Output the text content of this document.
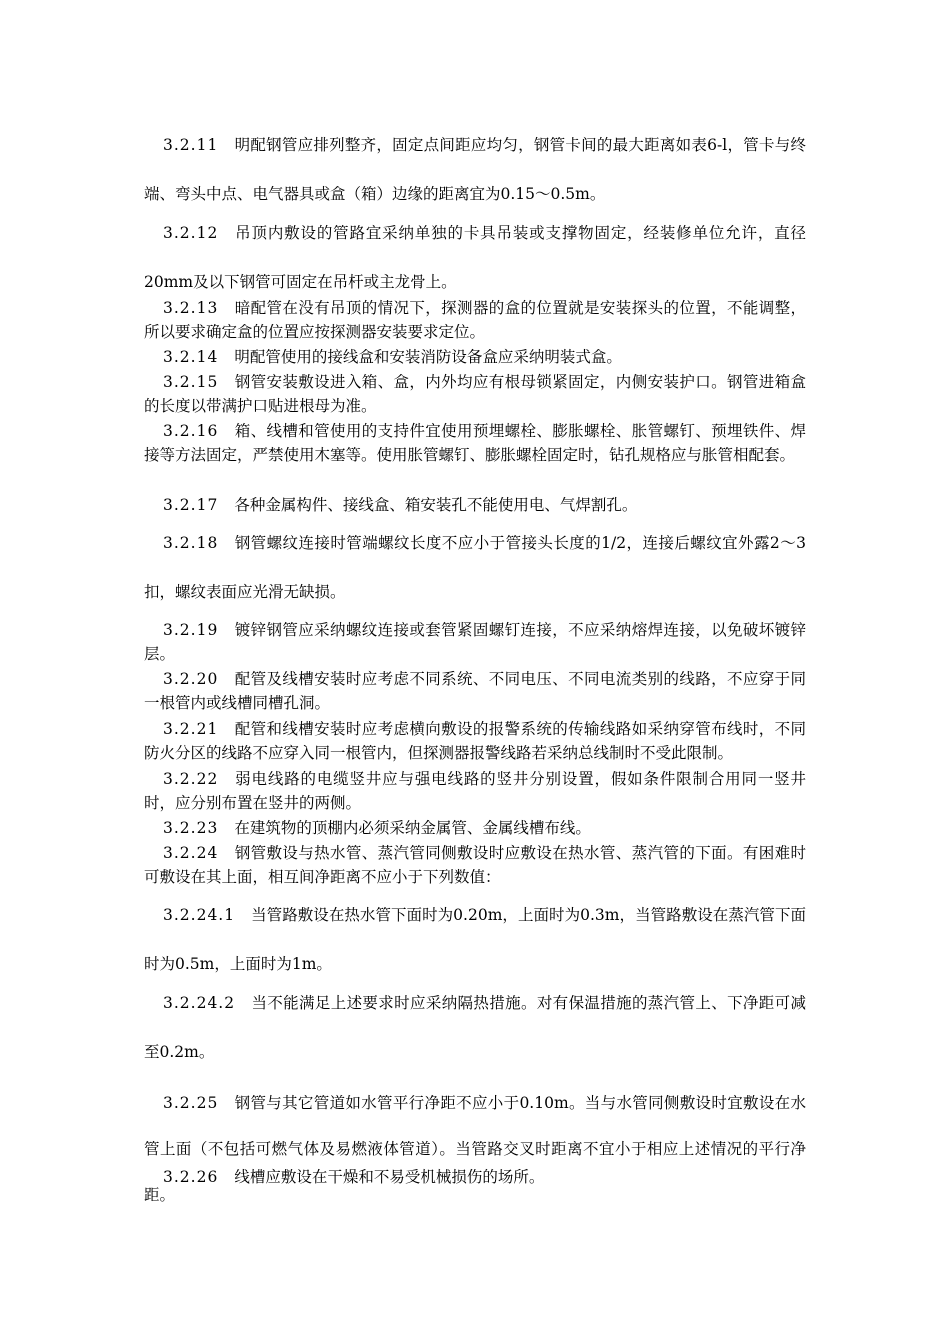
3.2.11 明配钢管应排列整齐，固定点间距应均匀，钢管卡间的最大距离如表6-l，管卡与终端、弯头中点、电气器具或盒（箱）边缘的距离宜为0.15～0.5m。

3.2.12 吊顶内敷设的管路宜采纳单独的卡具吊装或支撑物固定，经装修单位允许，直径20mm及以下钢管可固定在吊杆或主龙骨上。

3.2.13 暗配管在没有吊顶的情况下，探测器的盒的位置就是安装探头的位置，不能调整，所以要求确定盒的位置应按探测器安装要求定位。

3.2.14 明配管使用的接线盒和安装消防设备盒应采纳明装式盒。

3.2.15 钢管安装敷设进入箱、盒，内外均应有根母锁紧固定，内侧安装护口。钢管进箱盒的长度以带满护口贴进根母为准。

3.2.16 箱、线槽和管使用的支持件宜使用预埋螺栓、膨胀螺栓、胀管螺钉、预埋铁件、焊接等方法固定，严禁使用木塞等。使用胀管螺钉、膨胀螺栓固定时，钻孔规格应与胀管相配套。

3.2.17 各种金属构件、接线盒、箱安装孔不能使用电、气焊割孔。

3.2.18 钢管螺纹连接时管端螺纹长度不应小于管接头长度的1/2，连接后螺纹宜外露2～3扣，螺纹表面应光滑无缺损。

3.2.19 镀锌钢管应采纳螺纹连接或套管紧固螺钉连接，不应采纳熔焊连接，以免破坏镀锌层。

3.2.20 配管及线槽安装时应考虑不同系统、不同电压、不同电流类别的线路，不应穿于同一根管内或线槽同槽孔洞。

3.2.21 配管和线槽安装时应考虑横向敷设的报警系统的传输线路如采纳穿管布线时，不同防火分区的线路不应穿入同一根管内，但探测器报警线路若采纳总线制时不受此限制。

3.2.22 弱电线路的电缆竖井应与强电线路的竖井分别设置，假如条件限制合用同一竖井时，应分别布置在竖井的两侧。

3.2.23 在建筑物的顶棚内必须采纳金属管、金属线槽布线。

3.2.24 钢管敷设与热水管、蒸汽管同侧敷设时应敷设在热水管、蒸汽管的下面。有困难时可敷设在其上面，相互间净距离不应小于下列数值：

3.2.24.1 当管路敷设在热水管下面时为0.20m，上面时为0.3m，当管路敷设在蒸汽管下面时为0.5m，上面时为1m。

3.2.24.2 当不能满足上述要求时应采纳隔热措施。对有保温措施的蒸汽管上、下净距可减至0.2m。

3.2.25 钢管与其它管道如水管平行净距不应小于0.10m。当与水管同侧敷设时宜敷设在水管上面（不包括可燃气体及易燃液体管道）。当管路交叉时距离不宜小于相应上述情况的平行净距。

3.2.26 线槽应敷设在干燥和不易受机械损伤的场所。
